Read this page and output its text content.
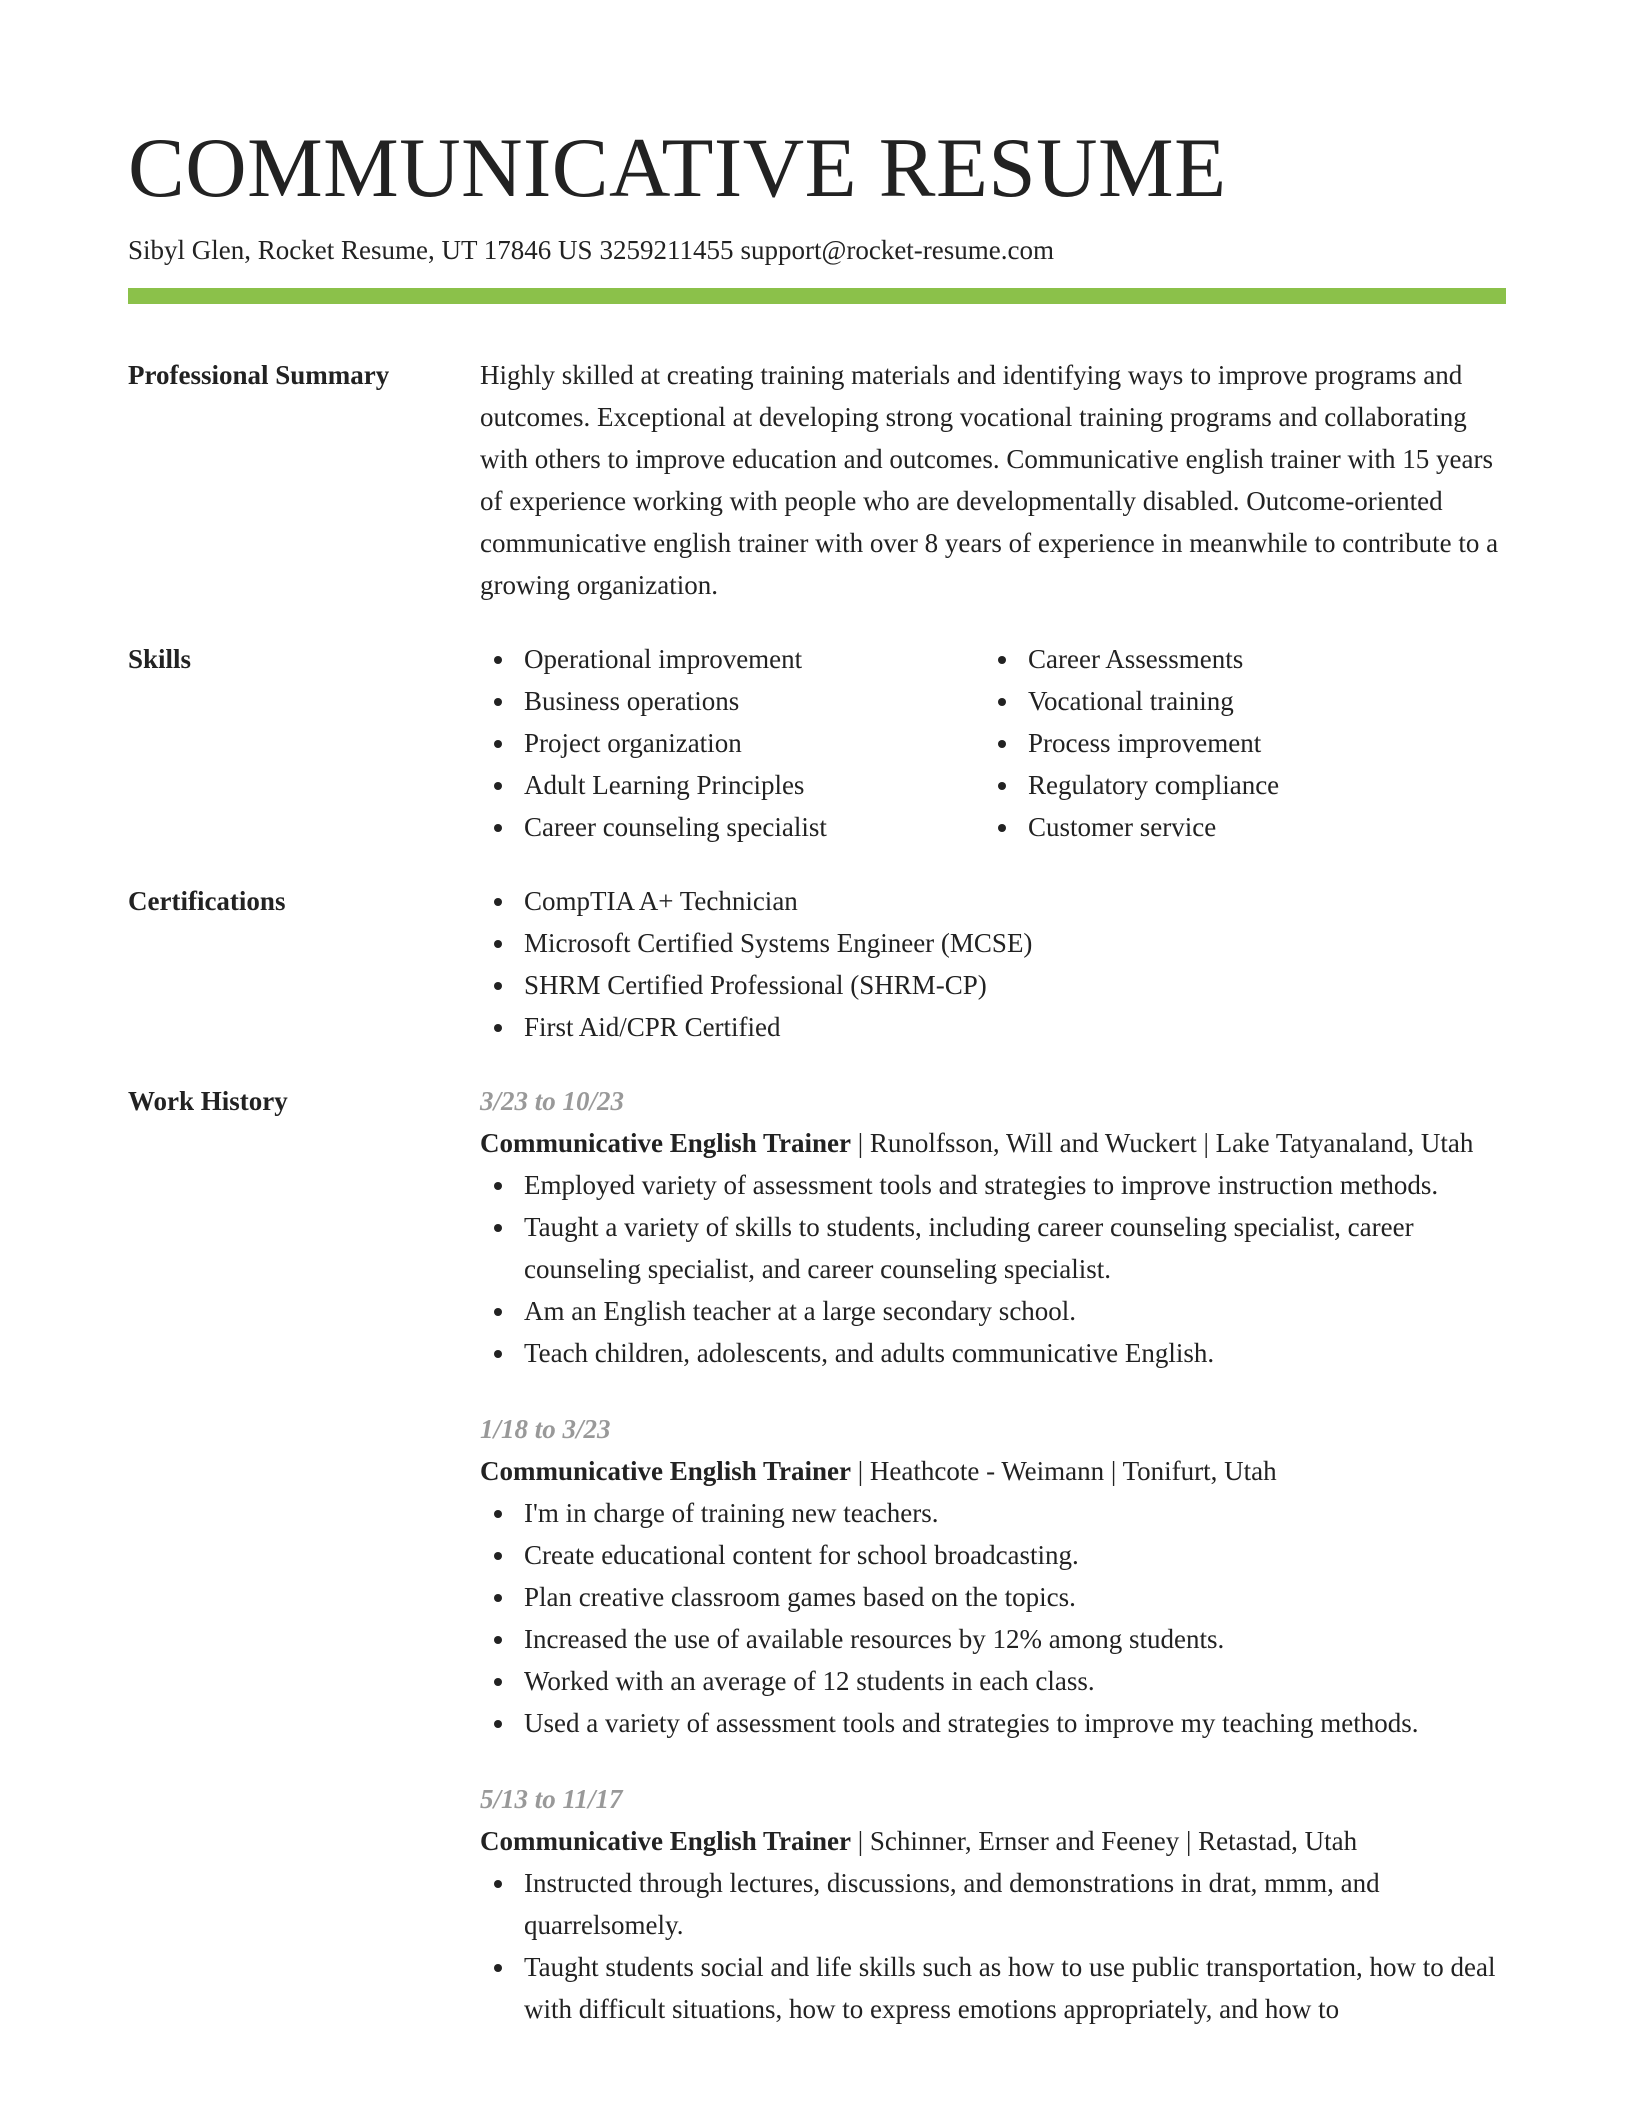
COMMUNICATIVE RESUME
Sibyl Glen, Rocket Resume, UT 17846 US 3259211455 support@rocket-resume.com
Professional Summary	Highly skilled at creating training materials and identifying ways to improve programs and outcomes. Exceptional at developing strong vocational training programs and collaborating with others to improve education and outcomes. Communicative english trainer with 15 years of experience working with people who are developmentally disabled. Outcome-oriented communicative english trainer with over 8 years of experience in meanwhile to contribute to a growing organization.
Skills	Operational improvement
Business operations
Project organization
Adult Learning Principles
Career counseling specialist
Career Assessments
Vocational training
Process improvement
Regulatory compliance
Customer service
Certifications	CompTIA A+ Technician
Microsoft Certified Systems Engineer (MCSE)
SHRM Certified Professional (SHRM-CP)
First Aid/CPR Certified
Work History	3/23 to 10/23
Communicative English Trainer | Runolfsson, Will and Wuckert | Lake Tatyanaland, Utah
Employed variety of assessment tools and strategies to improve instruction methods.
Taught a variety of skills to students, including career counseling specialist, career counseling specialist, and career counseling specialist.
Am an English teacher at a large secondary school.
Teach children, adolescents, and adults communicative English.
1/18 to 3/23
Communicative English Trainer | Heathcote - Weimann | Tonifurt, Utah
I'm in charge of training new teachers.
Create educational content for school broadcasting.
Plan creative classroom games based on the topics.
Increased the use of available resources by 12% among students.
Worked with an average of 12 students in each class.
Used a variety of assessment tools and strategies to improve my teaching methods.
5/13 to 11/17
Communicative English Trainer | Schinner, Ernser and Feeney | Retastad, Utah
Instructed through lectures, discussions, and demonstrations in drat, mmm, and quarrelsomely.
Taught students social and life skills such as how to use public transportation, how to deal with difficult situations, how to express emotions appropriately, and how to
